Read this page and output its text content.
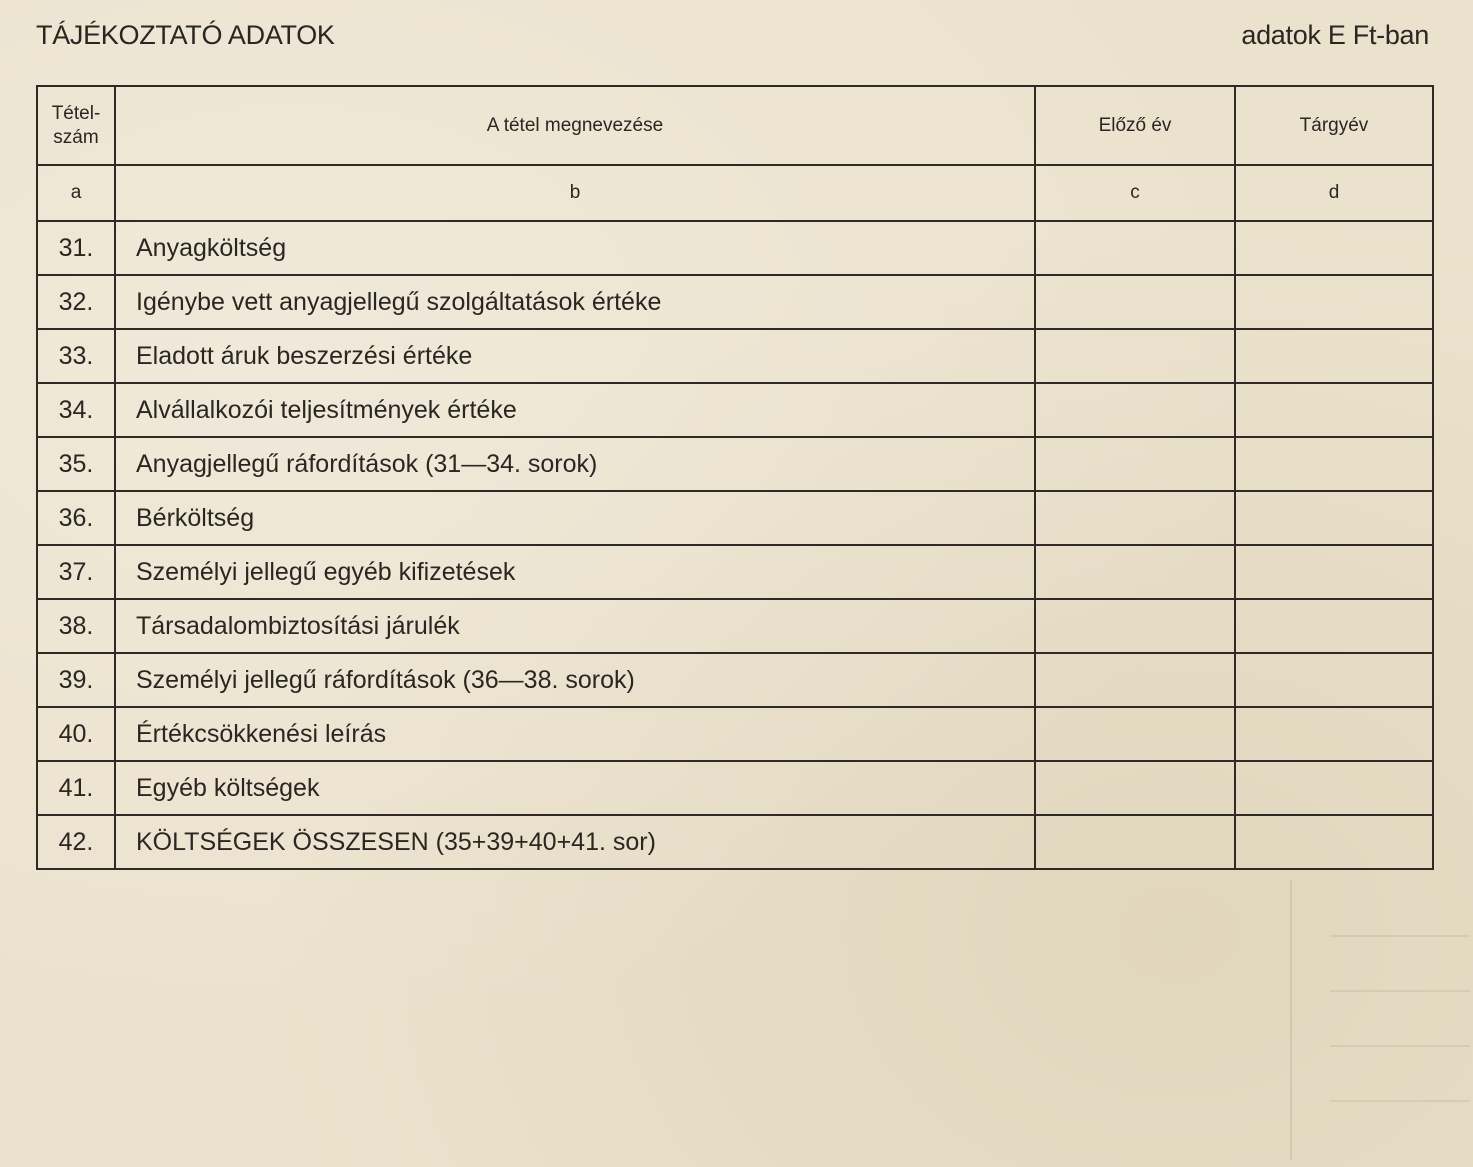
TÁJÉKOZTATÓ ADATOK	adatok E Ft-ban
Tétel-
szám	A tétel megnevezése	Előző év	Tárgyév
a	b	c	d
31.	Anyagköltség		
32.	Igénybe vett anyagjellegű szolgáltatások értéke		
33.	Eladott áruk beszerzési értéke		
34.	Alvállalkozói teljesítmények értéke		
35.	Anyagjellegű ráfordítások (31—34. sorok)		
36.	Bérköltség		
37.	Személyi jellegű egyéb kifizetések		
38.	Társadalombiztosítási járulék		
39.	Személyi jellegű ráfordítások (36—38. sorok)		
40.	Értékcsökkenési leírás		
41.	Egyéb költségek		
42.	KÖLTSÉGEK ÖSSZESEN (35+39+40+41. sor)		
